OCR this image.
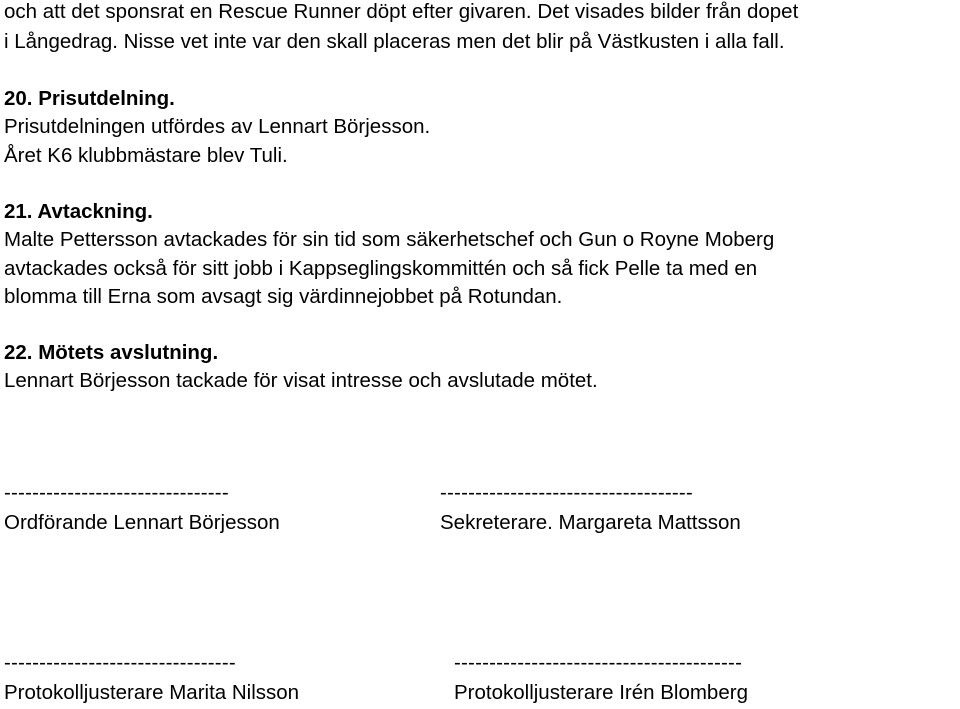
och att det sponsrat en Rescue Runner döpt efter givaren. Det visades bilder från dopet
i Långedrag. Nisse vet inte var den skall placeras men det blir på Västkusten i alla fall.
20. Prisutdelning.
Prisutdelningen utfördes av Lennart Börjesson.
Året K6 klubbmästare blev Tuli.
21. Avtackning.
Malte Pettersson avtackades för sin tid som säkerhetschef och Gun o Royne Moberg
avtackades också för sitt jobb i Kappseglingskommittén och så fick Pelle ta med en
blomma till Erna som avsagt sig värdinnejobbet på Rotundan.
22. Mötets avslutning.
Lennart Börjesson tackade för visat intresse och avslutade mötet.
--------------------------------
Ordförande Lennart Börjesson
------------------------------------
Sekreterare. Margareta Mattsson
---------------------------------
Protokolljusterare Marita Nilsson
-----------------------------------------
Protokolljusterare Irén Blomberg
